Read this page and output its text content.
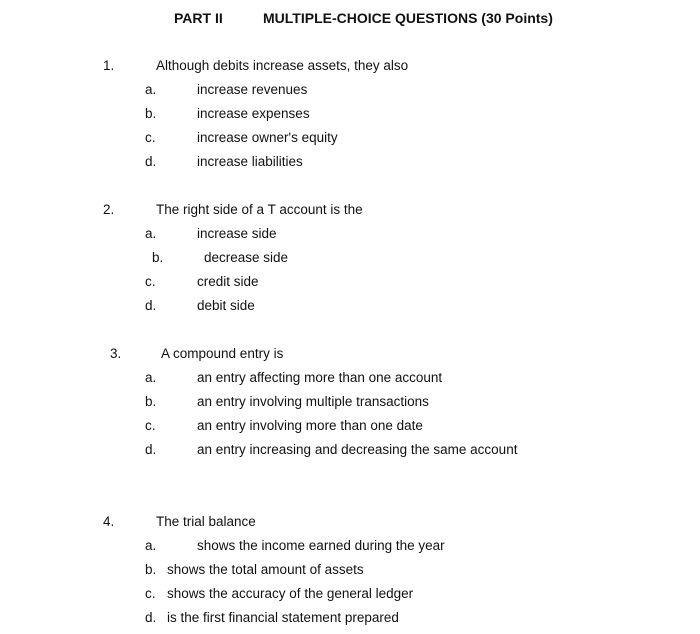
PART II	MULTIPLE-CHOICE QUESTIONS (30 Points)
1.	Although debits increase assets, they also
a.	increase revenues
b.	increase expenses
c.	increase owner's equity
d.	increase liabilities
2.	The right side of a T account is the
a.	increase side
b.	decrease side
c.	credit side
d.	debit side
3.	A compound entry is
a.	an entry affecting more than one account
b.	an entry involving multiple transactions
c.	an entry involving more than one date
d.	an entry increasing and decreasing the same account
4.	The trial balance
a.	shows the income earned during the year
b. shows the total amount of assets
c. shows the accuracy of the general ledger
d. is the first financial statement prepared
